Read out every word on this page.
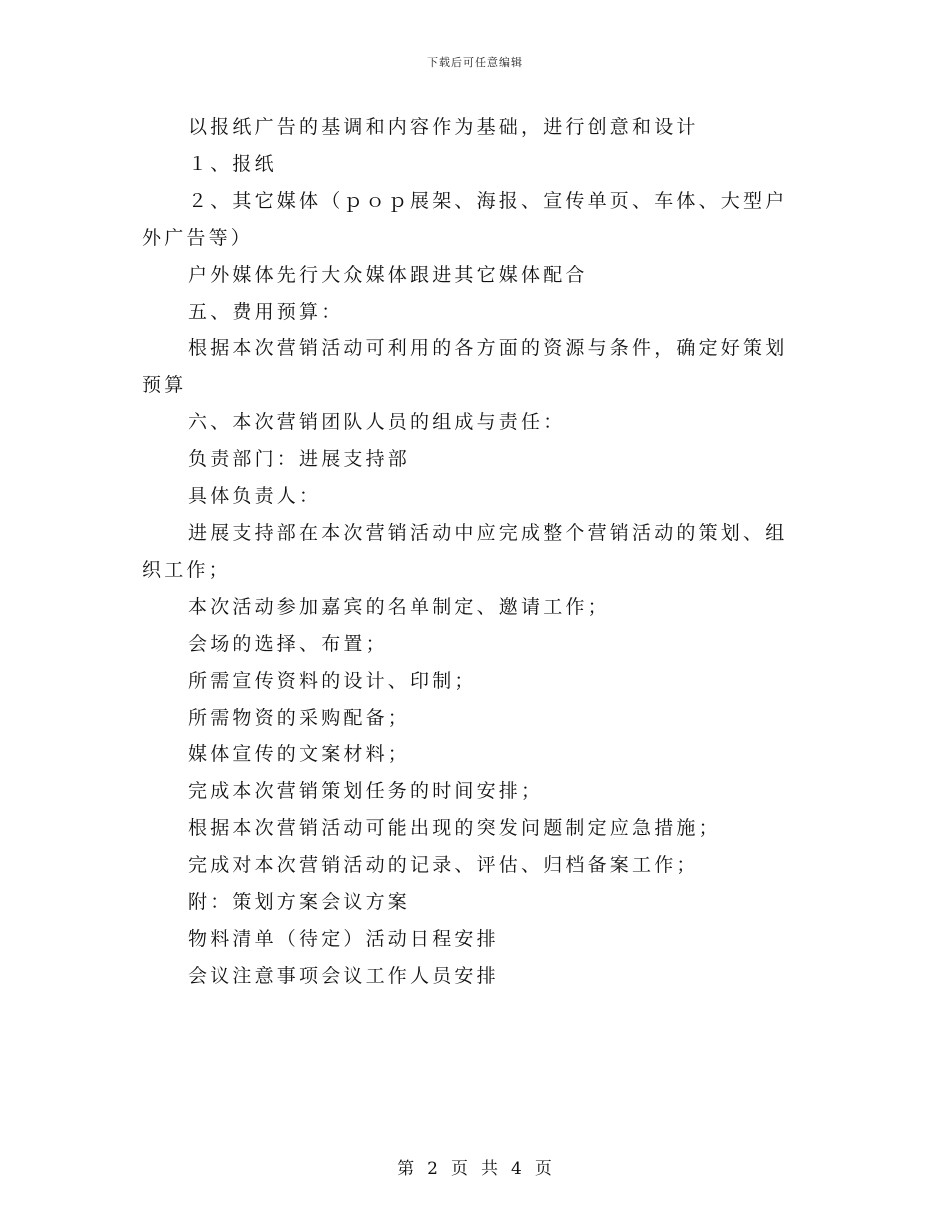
下载后可任意编辑

以报纸广告的基调和内容作为基础，进行创意和设计

１、报纸

２、其它媒体（ｐｏｐ展架、海报、宣传单页、车体、大型户外广告等）

户外媒体先行大众媒体跟进其它媒体配合

五、费用预算：

根据本次营销活动可利用的各方面的资源与条件，确定好策划预算

六、本次营销团队人员的组成与责任：

负责部门：进展支持部

具体负责人：

进展支持部在本次营销活动中应完成整个营销活动的策划、组织工作；

本次活动参加嘉宾的名单制定、邀请工作；

会场的选择、布置；

所需宣传资料的设计、印制；

所需物资的采购配备；

媒体宣传的文案材料；

完成本次营销策划任务的时间安排；

根据本次营销活动可能出现的突发问题制定应急措施；

完成对本次营销活动的记录、评估、归档备案工作；

附：策划方案会议方案

物料清单（待定）活动日程安排

会议注意事项会议工作人员安排

第 2 页 共 4 页
